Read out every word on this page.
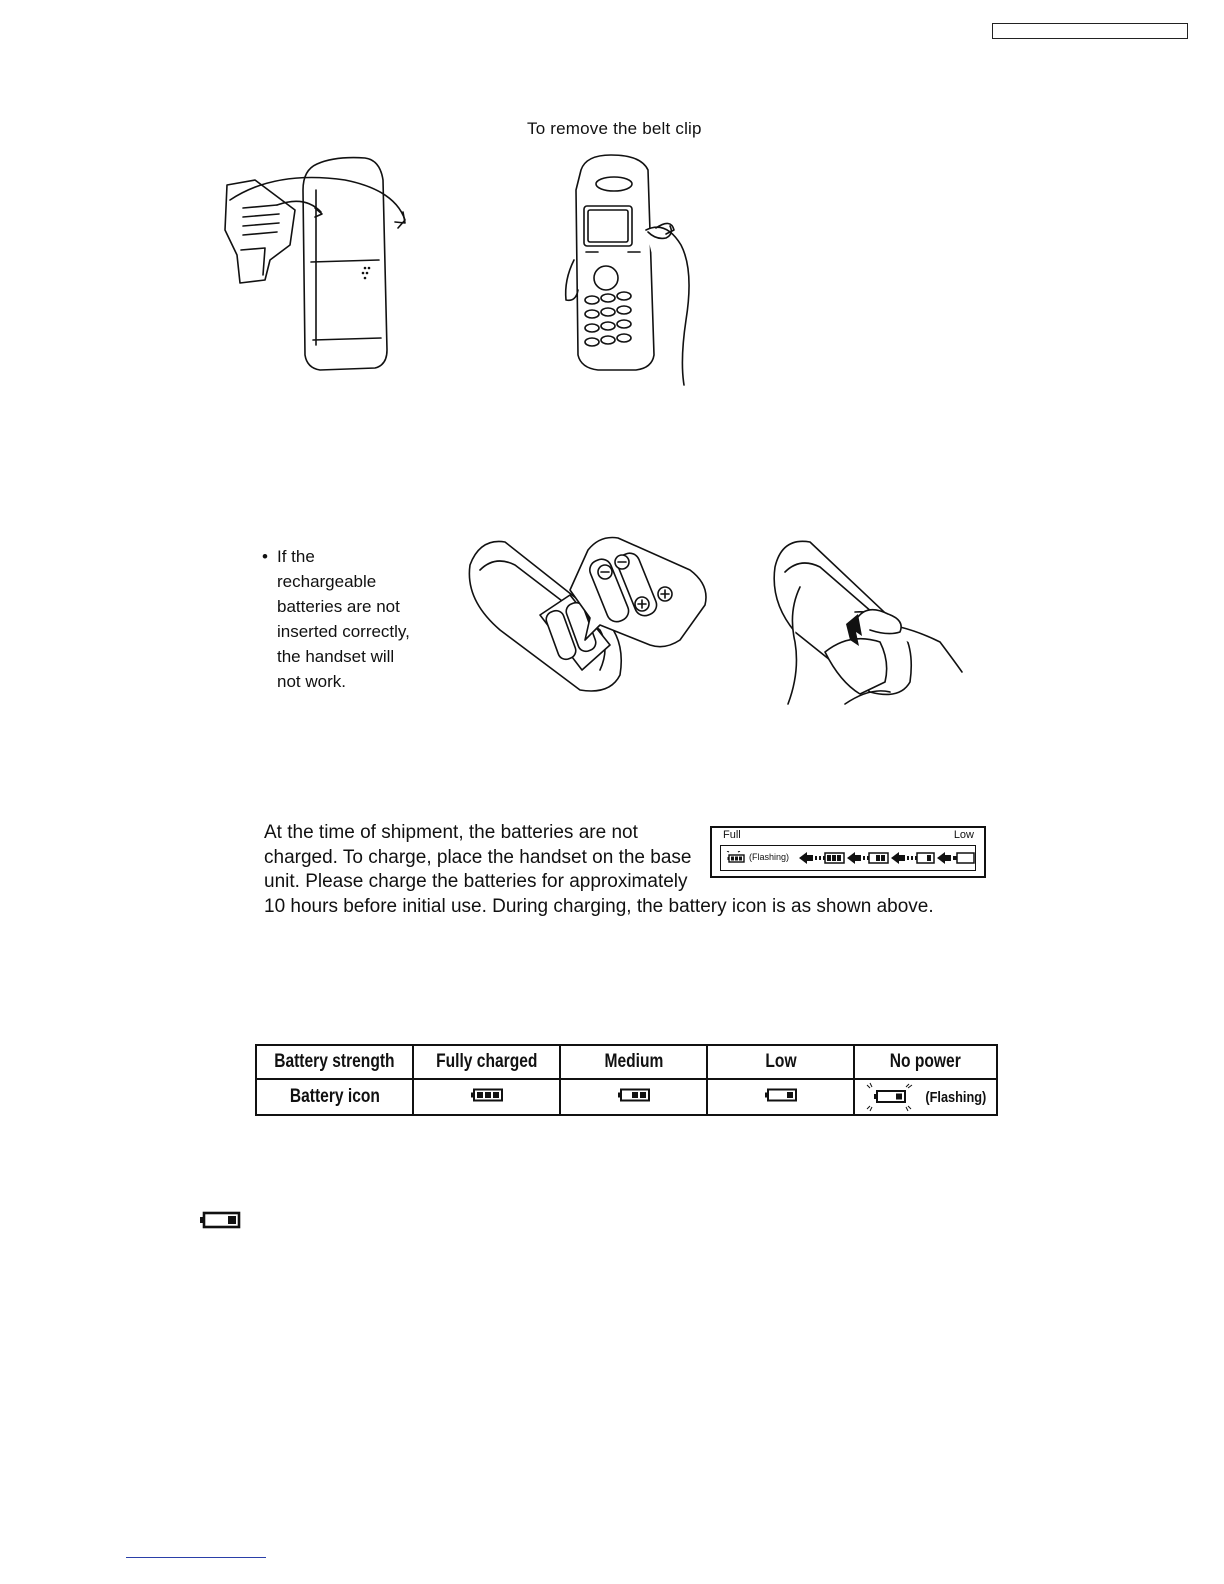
To remove the belt clip
• If the
rechargeable
batteries are not
inserted correctly,
the handset will
not work.
At the time of shipment, the batteries are not
charged. To charge, place the handset on the base
unit. Please charge the batteries for approximately
10 hours before initial use. During charging, the battery icon is as shown above.
Full	Low
(Flashing)
Battery strength	Fully charged	Medium	Low	No power
Battery icon				(Flashing)
